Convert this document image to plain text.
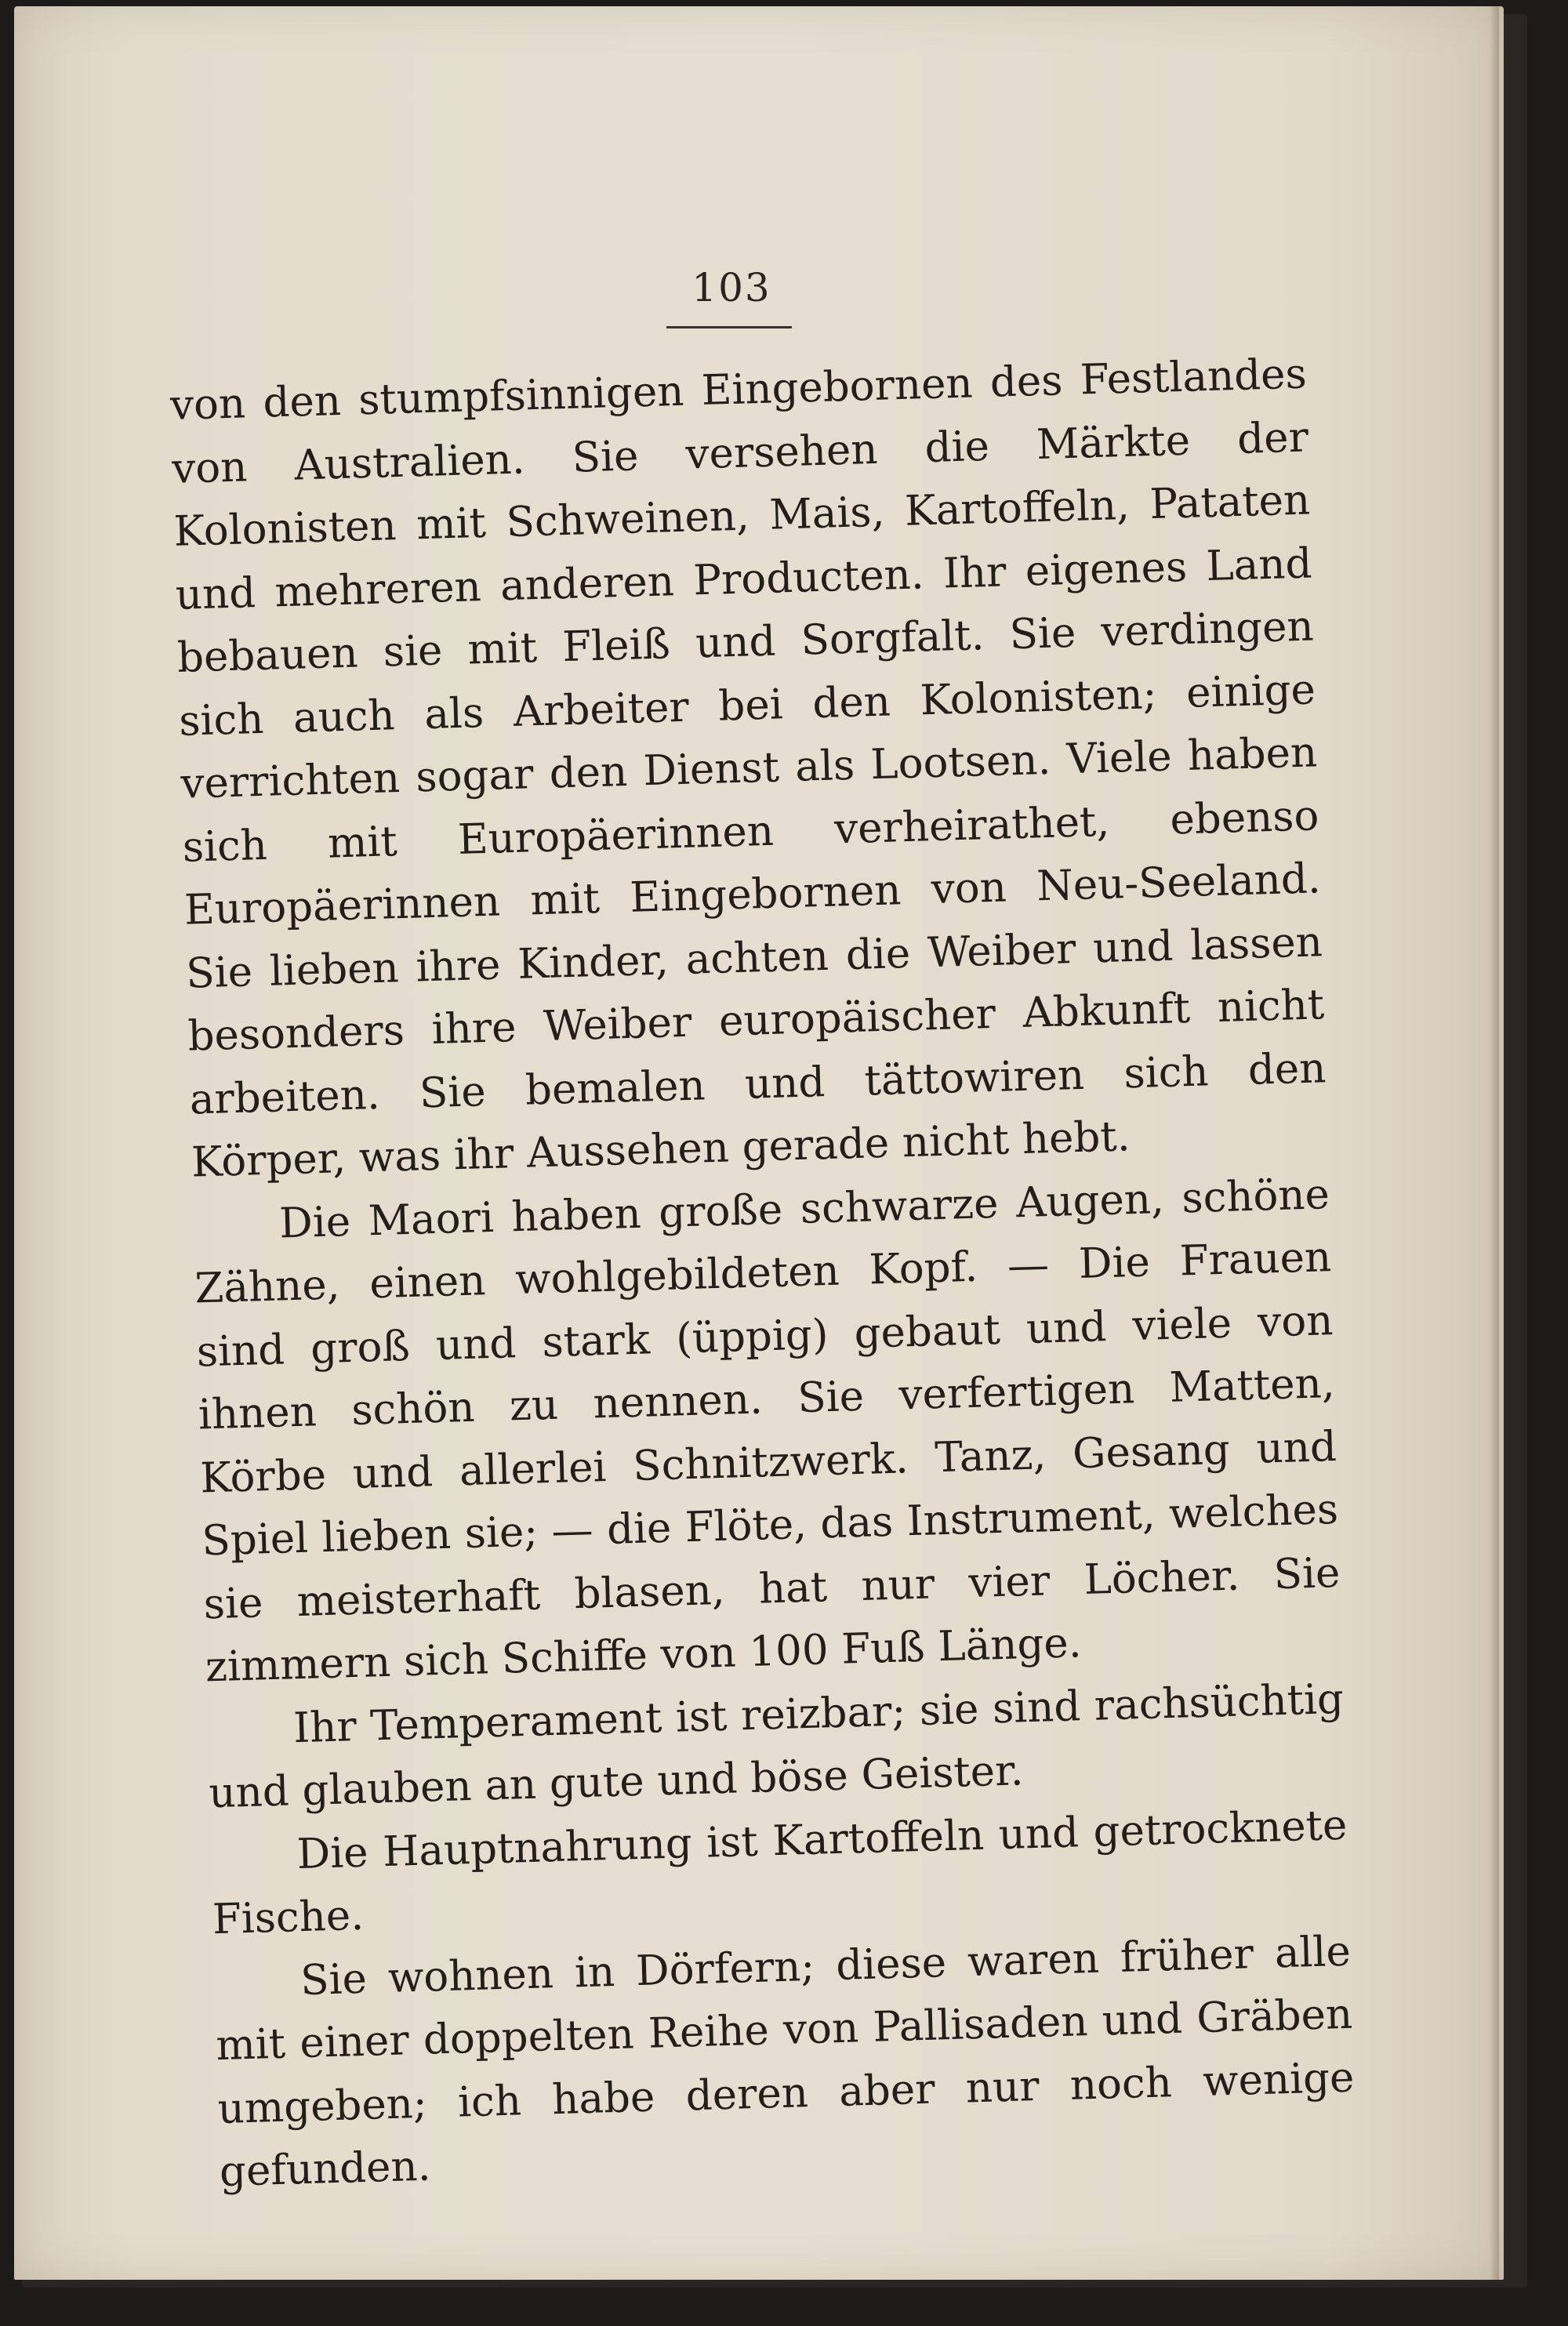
103

von den stumpfsinnigen Eingebornen des Festlandes von Australien. Sie versehen die Märkte der Kolonisten mit Schweinen, Mais, Kartoffeln, Pataten und mehreren anderen Producten. Ihr eigenes Land bebauen sie mit Fleiß und Sorgfalt. Sie verdingen sich auch als Arbeiter bei den Kolonisten; einige verrichten sogar den Dienst als Lootsen. Viele haben sich mit Europäerinnen verheirathet, ebenso Europäerinnen mit Eingebornen von Neu-Seeland. Sie lieben ihre Kinder, achten die Weiber und lassen besonders ihre Weiber europäischer Abkunft nicht arbeiten. Sie bemalen und tättowiren sich den Körper, was ihr Aussehen gerade nicht hebt.

Die Maori haben große schwarze Augen, schöne Zähne, einen wohlgebildeten Kopf. — Die Frauen sind groß und stark (üppig) gebaut und viele von ihnen schön zu nennen. Sie verfertigen Matten, Körbe und allerlei Schnitzwerk. Tanz, Gesang und Spiel lieben sie; — die Flöte, das Instrument, welches sie meisterhaft blasen, hat nur vier Löcher. Sie zimmern sich Schiffe von 100 Fuß Länge.

Ihr Temperament ist reizbar; sie sind rachsüchtig und glauben an gute und böse Geister.

Die Hauptnahrung ist Kartoffeln und getrocknete Fische.

Sie wohnen in Dörfern; diese waren früher alle mit einer doppelten Reihe von Pallisaden und Gräben umgeben; ich habe deren aber nur noch wenige gefunden.
